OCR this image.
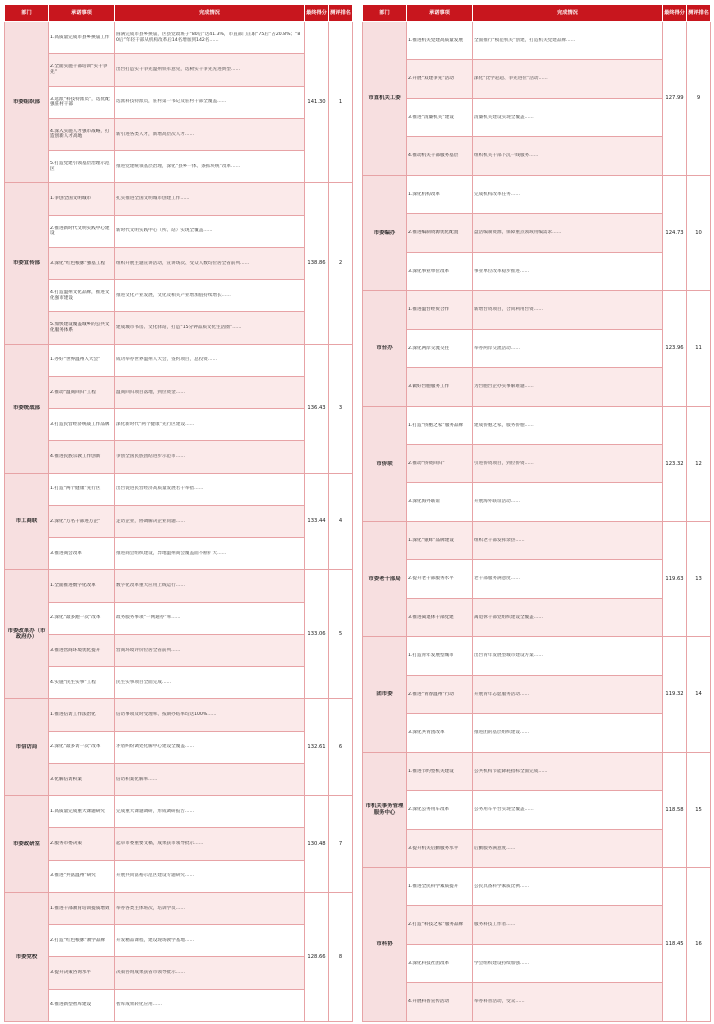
部门	承诺事项	完成情况	最终得分	测评排名

市委组织部	1.高质量完成市县乡换届工作	圆满完成市县乡换届，区县党政班子“80后”达41.3%，市直部门正职“75后”占20.8%；“80后”年轻干部从机构改革后14名增加到142名……	141.30	1

	2.全面实施干部培训“实干争先”	出台打造实干争先温州铁军意见，选树实干争先先进典型……		

	3.选派“科技特派员”，选优配强驻村干部	选派科技特派员，驻村第一书记及驻村干部全覆盖……		

	4.深入实施人才强市战略，打造创新人才高地	新引进各类人才，新增高层次人才……		

	5.打造党建引领基层治理示范区	推进党建统领基层治理，深化“县乡一体、条抓块统”改革……		

市委宣传部	1.争创全国文明城市	扎实推进全国文明城市创建工作……	138.86	2

	2.推进新时代文明实践中心建设	新时代文明实践中心（所、站）实现全覆盖……		

	3.深化“红色根脉”强基工程	组织开展主题宣讲活动，宣讲场次、受众人数均位居全省前列……		

	4.打造温州文化品牌，推进文化强市建设	推进文化产业发展，文化及相关产业增加值持续增长……		

	5.加快建设覆盖城乡的公共文化服务体系	建成城市书房、文化驿站，打造“15分钟品质文化生活圈”……		

市委统战部	1.办好“世界温州人大会”	成功举办世界温州人大会，签约项目，总投资……	136.43	3

	2.推动“温商回归”工程	温商回归项目落地，到位资金……		

	3.打造民营经济统战工作品牌	深化新时代“两个健康”先行区建设……		

	4.推进民族宗教工作创新	争创全国民族团结进步示范市……		

市工商联	1.打造“两个健康”先行区	出台促进民营经济高质量发展若干举措……	133.44	4

	2.深化“万名干部进万企”	走访企业，协调解决企业问题……		

	3.推进商会改革	推进商会组织建设，异地温州商会覆盖面不断扩大……		

市委改革办（市政府办）	1.全面推进数字化改革	数字化改革重大应用上线运行……	133.06	5

	2.深化“最多跑一次”改革	政务服务事项“一网通办”率……		

	3.推进营商环境优化提升	营商环境评价位居全省前列……		

	4.实施“民生实事”工程	民生实事项目全面完成……		

市信访局	1.推进信访工作法治化	信访事项及时受理率、按期办结率均达100%……	132.61	6

	2.深化“最多访一次”改革	矛盾纠纷调处化解中心建设全覆盖……		

	3.化解信访积案	信访积案化解率……		

市委政研室	1.高质量完成重大课题研究	完成重大课题调研，形成调研报告……	130.48	7

	2.服务市委决策	起草市委重要文稿，成果获市领导批示……		

	3.推进“共富温州”研究	开展共同富裕示范区建设专题研究……		

市委党校	1.推进干部教育培训提质增效	举办各类主体班次，培训学员……	128.66	8

	2.打造“红色根脉”教学品牌	开发精品课程，建设现场教学基地……		

	3.提升决策咨询水平	决策咨询成果获省市领导批示……		

	4.推进新型智库建设	智库成果转化应用……		
部门	承诺事项	完成情况	最终得分	测评排名

市直机关工委	1.推进机关党建高质量发展	全面推行“模范机关”创建，打造机关党建品牌……	127.99	9

	2.开展“双建争先”活动	深化“比学赶超、争先进位”活动……		

	3.推进“清廉机关”建设	清廉机关建设实现全覆盖……		

	4.推动机关干部服务基层	组织机关干部下沉一线服务……		

市委编办	1.深化机构改革	完成机构改革任务……	124.73	10

	2.推进编制资源优化配置	盘活编制资源，保障重点领域用编需求……		

	3.深化事业单位改革	事业单位改革稳步推进……		

市台办	1.推进温台经贸合作	新增台资项目，合同利用台资……	123.96	11

	2.深化两岸交流交往	举办两岸交流活动……		

	3.做好台胞服务工作	为台胞台企办实事解难题……		

市侨联	1.打造“侨胞之家”服务品牌	建成侨胞之家，服务侨胞……	123.32	12

	2.推动“侨资回归”	引进侨资项目，到位侨资……		

	3.深化海外联谊	开展海外联谊活动……		

市委老干部局	1.深化“银辉”品牌建设	组织老干部发挥余热……	119.63	13

	2.提升老干部服务水平	老干部服务满意度……		

	3.推进离退休干部党建	离退休干部党组织建设全覆盖……		

团市委	1.打造青年发展型城市	出台青年发展型城市建设方案……	119.32	14

	2.推进“青春温州”行动	开展青年志愿服务活动……		

	3.深化共青团改革	推进团的基层组织建设……		

市机关事务管理服务中心	1.推进节约型机关建设	公共机构节能降耗指标全面完成……	118.58	15

	2.深化公务用车改革	公务用车平台实现全覆盖……		

	3.提升机关后勤服务水平	后勤服务满意度……		

市科协	1.推进全民科学素质提升	公民具备科学素质比例……	118.45	16

	2.打造“科技之家”服务品牌	服务科技工作者……		

	3.深化科技社团改革	学会组织建设持续加强……		

	4.开展科普宣传活动	举办科普活动，受众……		
